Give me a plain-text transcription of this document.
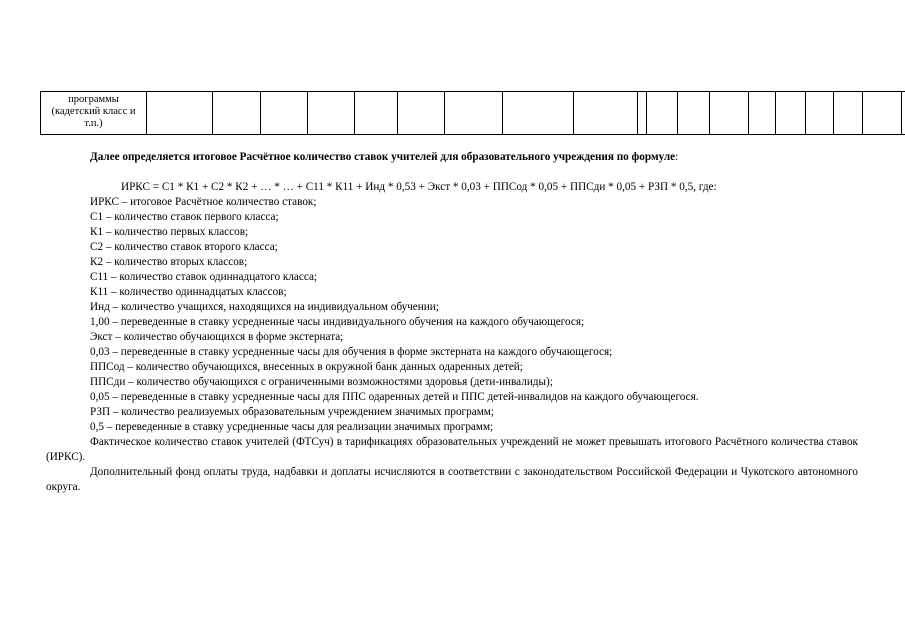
программы
(кадетский класс и
т.п.)

Далее определяется итоговое Расчётное количество ставок учителей для образовательного учреждения по формуле:

ИРКС = С1 * К1 + С2 * К2 + … * … + С11 * К11 + Инд * 0,53 + Экст * 0,03 + ППСод * 0,05 + ППСди * 0,05 + РЗП * 0,5, где:

ИРКС – итоговое Расчётное количество ставок;

С1 – количество ставок первого класса;

К1 – количество первых классов;

С2 – количество ставок второго класса;

К2 – количество вторых классов;

С11 – количество ставок одиннадцатого класса;

К11 – количество одиннадцатых классов;

Инд – количество учащихся, находящихся на индивидуальном обучении;

1,00 – переведенные в ставку усредненные часы индивидуального обучения на каждого обучающегося;

Экст – количество обучающихся в форме экстерната;

0,03 – переведенные в ставку усредненные часы для обучения в форме экстерната на каждого обучающегося;

ППСод – количество обучающихся, внесенных в окружной банк данных одаренных детей;

ППСди – количество обучающихся с ограниченными возможностями здоровья (дети-инвалиды);

0,05 – переведенные в ставку усредненные часы для ППС одаренных детей и ППС детей-инвалидов на каждого обучающегося.

РЗП – количество реализуемых образовательным учреждением значимых программ;

0,5 – переведенные в ставку усредненные часы для реализации значимых программ;

Фактическое количество ставок учителей (ФТСуч) в тарификациях образовательных учреждений не может превышать итогового Расчётного количества ставок (ИРКС).

Дополнительный фонд оплаты труда, надбавки и доплаты исчисляются в соответствии с законодательством Российской Федерации и Чукотского автономного округа.
